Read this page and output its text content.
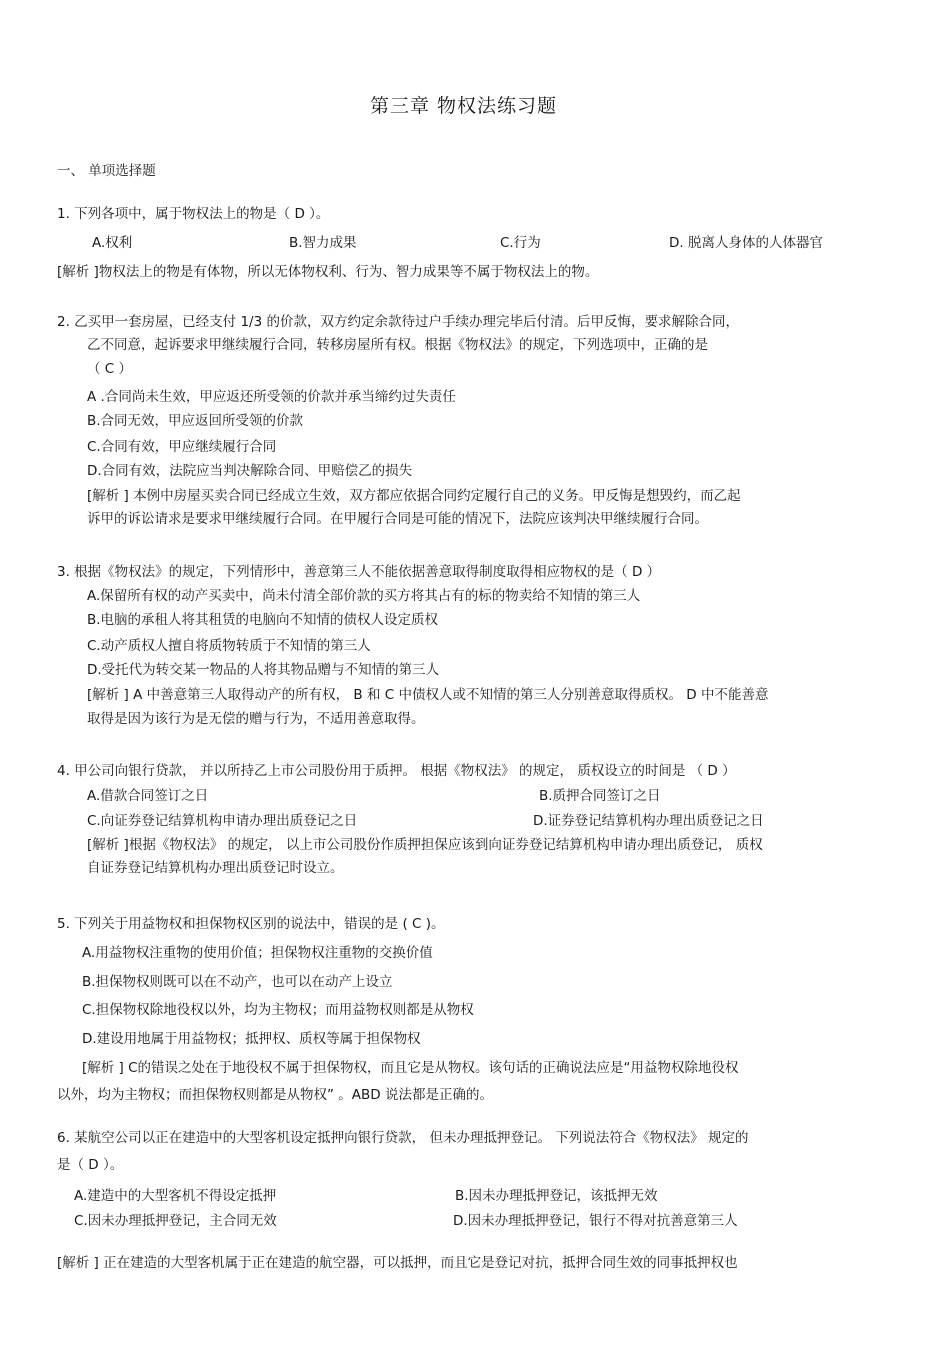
第三章 物权法练习题
一、 单项选择题
1. 下列各项中，属于物权法上的物是（ D ）。
A.权利	B.智力成果	C.行为	D. 脱离人身体的人体器官
[解析 ]物权法上的物是有体物，所以无体物权利、行为、智力成果等不属于物权法上的物。
2. 乙买甲一套房屋，已经支付 1/3 的价款，双方约定余款待过户手续办理完毕后付清。后甲反悔，要求解除合同，
乙不同意，起诉要求甲继续履行合同，转移房屋所有权。根据《物权法》的规定，下列选项中，正确的是
（ C ）
A .合同尚未生效，甲应返还所受领的价款并承当缔约过失责任
B.合同无效，甲应返回所受领的价款
C.合同有效，甲应继续履行合同
D.合同有效，法院应当判决解除合同、甲赔偿乙的损失
[解析 ] 本例中房屋买卖合同已经成立生效，双方都应依据合同约定履行自己的义务。甲反悔是想毁约，而乙起
诉甲的诉讼请求是要求甲继续履行合同。在甲履行合同是可能的情况下，法院应该判决甲继续履行合同。
3. 根据《物权法》的规定，下列情形中，善意第三人不能依据善意取得制度取得相应物权的是（ D ）
A.保留所有权的动产买卖中，尚未付清全部价款的买方将其占有的标的物卖给不知情的第三人
B.电脑的承租人将其租赁的电脑向不知情的债权人设定质权
C.动产质权人擅自将质物转质于不知情的第三人
D.受托代为转交某一物品的人将其物品赠与不知情的第三人
[解析 ] A 中善意第三人取得动产的所有权， B 和 C 中债权人或不知情的第三人分别善意取得质权。 D 中不能善意
取得是因为该行为是无偿的赠与行为，不适用善意取得。
4. 甲公司向银行贷款， 并以所持乙上市公司股份用于质押。 根据《物权法》 的规定， 质权设立的时间是 （ D ）
A.借款合同签订之日	B.质押合同签订之日
C.向证券登记结算机构申请办理出质登记之日	D.证券登记结算机构办理出质登记之日
[解析 ]根据《物权法》 的规定， 以上市公司股份作质押担保应该到向证券登记结算机构申请办理出质登记， 质权
自证券登记结算机构办理出质登记时设立。
5. 下列关于用益物权和担保物权区别的说法中，错误的是 ( C )。
A.用益物权注重物的使用价值；担保物权注重物的交换价值
B.担保物权则既可以在不动产，也可以在动产上设立
C.担保物权除地役权以外，均为主物权；而用益物权则都是从物权
D.建设用地属于用益物权；抵押权、质权等属于担保物权
[解析 ] C的错误之处在于地役权不属于担保物权，而且它是从物权。该句话的正确说法应是“用益物权除地役权
以外，均为主物权；而担保物权则都是从物权” 。ABD 说法都是正确的。
6. 某航空公司以正在建造中的大型客机设定抵押向银行贷款， 但未办理抵押登记。 下列说法符合《物权法》 规定的
是（ D ）。
A.建造中的大型客机不得设定抵押	B.因未办理抵押登记，该抵押无效
C.因未办理抵押登记，主合同无效	D.因未办理抵押登记，银行不得对抗善意第三人
[解析 ] 正在建造的大型客机属于正在建造的航空器，可以抵押，而且它是登记对抗，抵押合同生效的同事抵押权也
